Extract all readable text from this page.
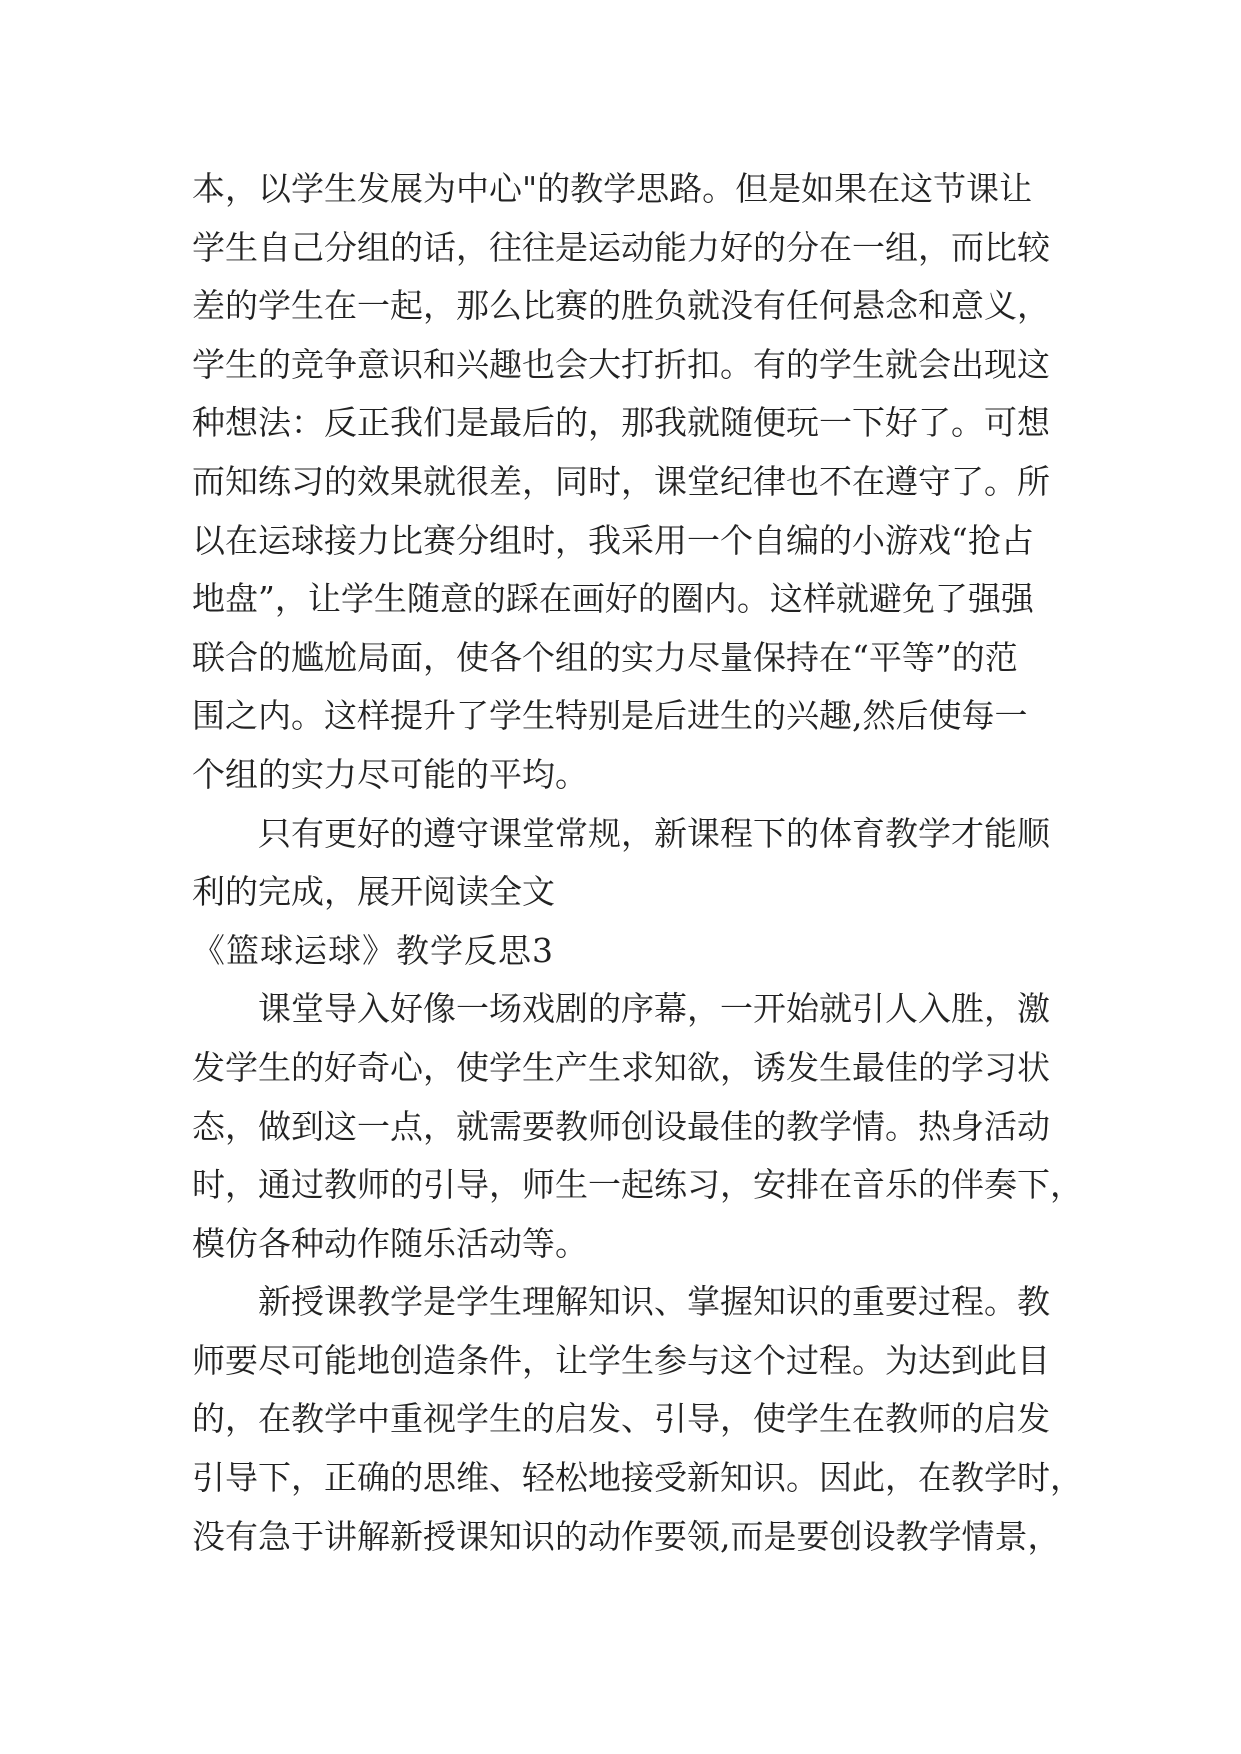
本，以学生发展为中心"的教学思路。但是如果在这节课让
学生自己分组的话，往往是运动能力好的分在一组，而比较
差的学生在一起，那么比赛的胜负就没有任何悬念和意义，
学生的竞争意识和兴趣也会大打折扣。有的学生就会出现这
种想法：反正我们是最后的，那我就随便玩一下好了。可想
而知练习的效果就很差，同时，课堂纪律也不在遵守了。所
以在运球接力比赛分组时，我采用一个自编的小游戏“抢占
地盘”，让学生随意的踩在画好的圈内。这样就避免了强强
联合的尴尬局面，使各个组的实力尽量保持在“平等”的范
围之内。这样提升了学生特别是后进生的兴趣,然后使每一
个组的实力尽可能的平均。
只有更好的遵守课堂常规，新课程下的体育教学才能顺
利的完成，展开阅读全文
《篮球运球》教学反思3
课堂导入好像一场戏剧的序幕，一开始就引人入胜，激
发学生的好奇心，使学生产生求知欲，诱发生最佳的学习状
态，做到这一点，就需要教师创设最佳的教学情。热身活动
时，通过教师的引导，师生一起练习，安排在音乐的伴奏下，
模仿各种动作随乐活动等。
新授课教学是学生理解知识、掌握知识的重要过程。教
师要尽可能地创造条件，让学生参与这个过程。为达到此目
的，在教学中重视学生的启发、引导，使学生在教师的启发
引导下，正确的思维、轻松地接受新知识。因此，在教学时，
没有急于讲解新授课知识的动作要领,而是要创设教学情景，
